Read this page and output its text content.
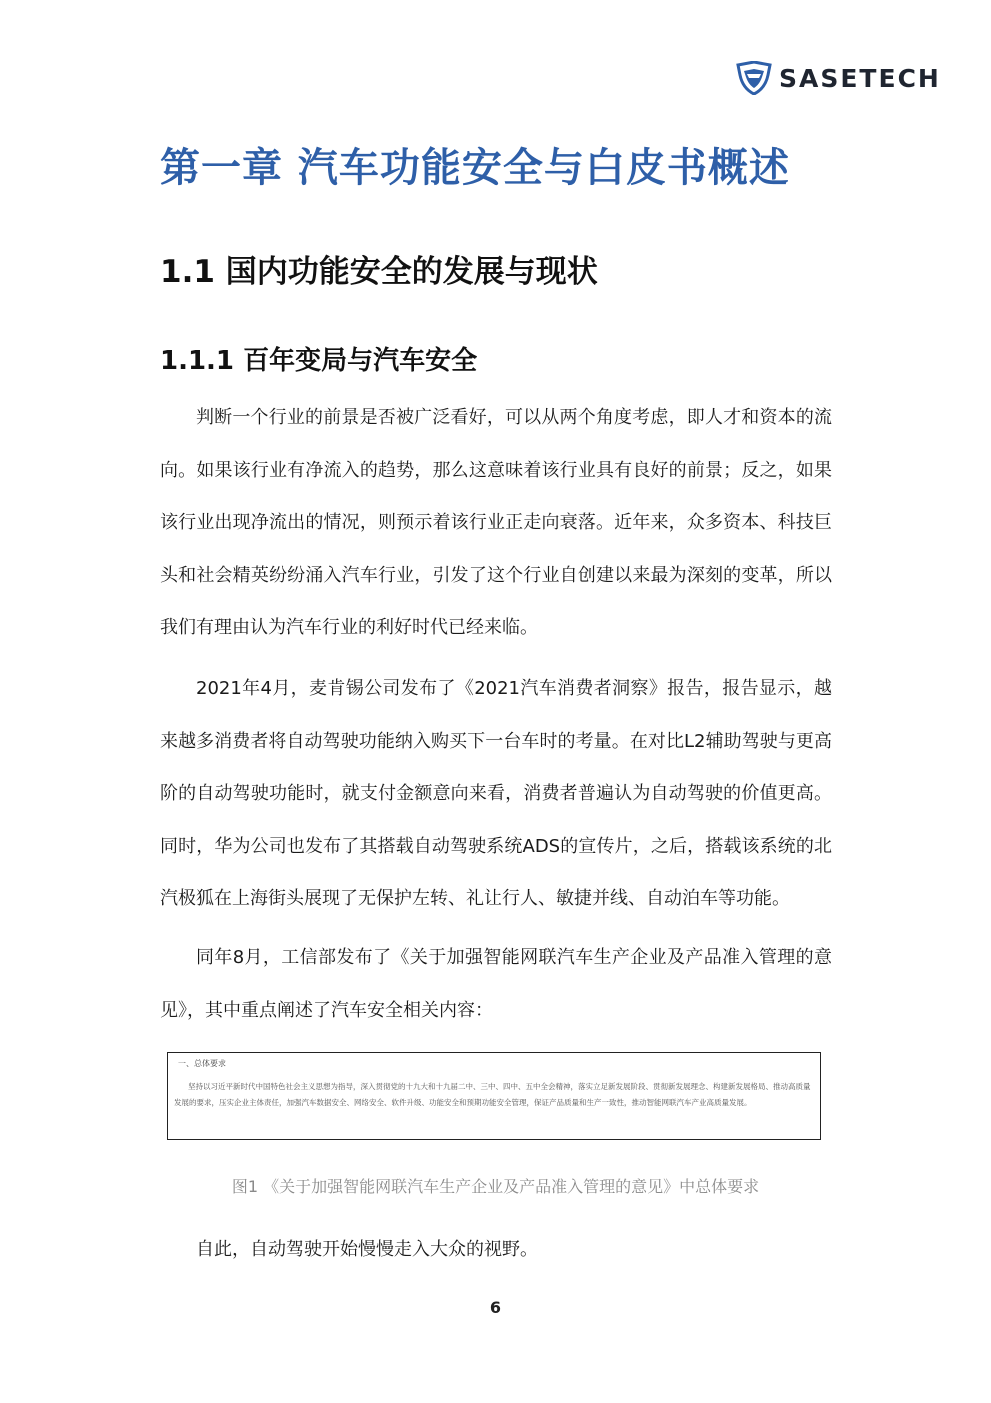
SASETECH
第一章 汽车功能安全与白皮书概述
1.1 国内功能安全的发展与现状
1.1.1 百年变局与汽车安全

判断一个行业的前景是否被广泛看好，可以从两个角度考虑，即人才和资本的流向。如果该行业有净流入的趋势，那么这意味着该行业具有良好的前景；反之，如果该行业出现净流出的情况，则预示着该行业正走向衰落。近年来，众多资本、科技巨头和社会精英纷纷涌入汽车行业，引发了这个行业自创建以来最为深刻的变革，所以我们有理由认为汽车行业的利好时代已经来临。

2021年4月，麦肯锡公司发布了《2021汽车消费者洞察》报告，报告显示，越来越多消费者将自动驾驶功能纳入购买下一台车时的考量。在对比L2辅助驾驶与更高阶的自动驾驶功能时，就支付金额意向来看，消费者普遍认为自动驾驶的价值更高。同时，华为公司也发布了其搭载自动驾驶系统ADS的宣传片，之后，搭载该系统的北汽极狐在上海街头展现了无保护左转、礼让行人、敏捷并线、自动泊车等功能。

同年8月，工信部发布了《关于加强智能网联汽车生产企业及产品准入管理的意见》，其中重点阐述了汽车安全相关内容：

一、总体要求

坚持以习近平新时代中国特色社会主义思想为指导，深入贯彻党的十九大和十九届二中、三中、四中、五中全会精神，落实立足新发展阶段、贯彻新发展理念、构建新发展格局、推动高质量发展的要求，压实企业主体责任，加强汽车数据安全、网络安全、软件升级、功能安全和预期功能安全管理，保证产品质量和生产一致性，推动智能网联汽车产业高质量发展。

图1 《关于加强智能网联汽车生产企业及产品准入管理的意见》中总体要求

自此，自动驾驶开始慢慢走入大众的视野。

6
